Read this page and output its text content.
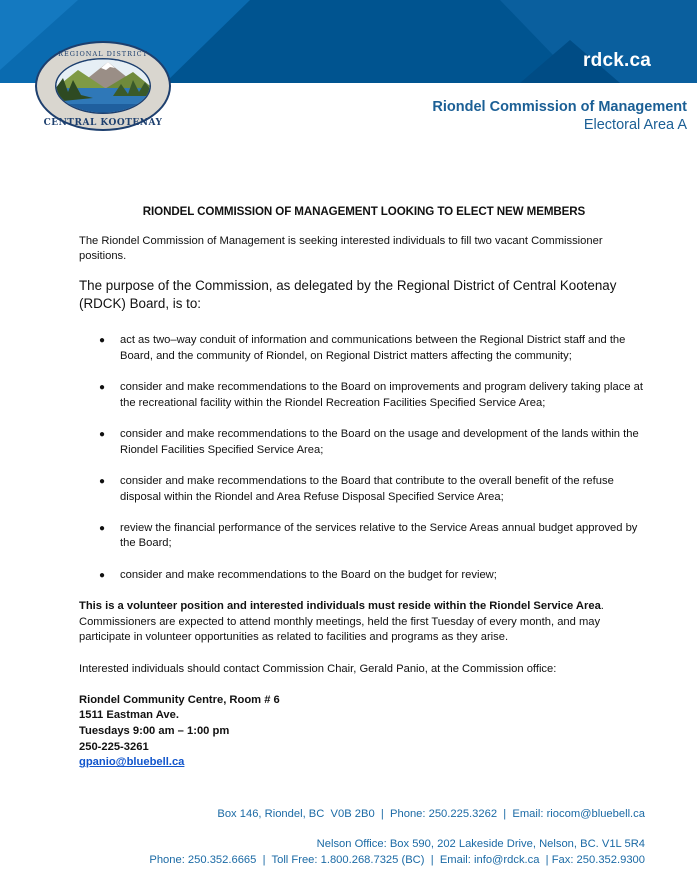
rdck.ca
REGIONAL DISTRICT
CENTRAL KOOTENAY
Riondel Commission of Management
Electoral Area A
RIONDEL COMMISSION OF MANAGEMENT LOOKING TO ELECT NEW MEMBERS

The Riondel Commission of Management is seeking interested individuals to fill two vacant Commissioner positions.

The purpose of the Commission, as delegated by the Regional District of Central Kootenay (RDCK) Board, is to:

● act as two–way conduit of information and communications between the Regional District staff and the Board, and the community of Riondel, on Regional District matters affecting the community;
● consider and make recommendations to the Board on improvements and program delivery taking place at the recreational facility within the Riondel Recreation Facilities Specified Service Area;
● consider and make recommendations to the Board on the usage and development of the lands within the Riondel Facilities Specified Service Area;
● consider and make recommendations to the Board that contribute to the overall benefit of the refuse disposal within the Riondel and Area Refuse Disposal Specified Service Area;
● review the financial performance of the services relative to the Service Areas annual budget approved by the Board;
● consider and make recommendations to the Board on the budget for review;

This is a volunteer position and interested individuals must reside within the Riondel Service Area. Commissioners are expected to attend monthly meetings, held the first Tuesday of every month, and may participate in volunteer opportunities as related to facilities and programs as they arise.

Interested individuals should contact Commission Chair, Gerald Panio, at the Commission office:

Riondel Community Centre, Room # 6
1511 Eastman Ave.
Tuesdays 9:00 am – 1:00 pm
250-225-3261
gpanio@bluebell.ca
Box 146, Riondel, BC  V0B 2B0  |  Phone: 250.225.3262  |  Email: riocom@bluebell.ca
Nelson Office: Box 590, 202 Lakeside Drive, Nelson, BC. V1L 5R4
Phone: 250.352.6665  |  Toll Free: 1.800.268.7325 (BC)  |  Email: info@rdck.ca  | Fax: 250.352.9300
